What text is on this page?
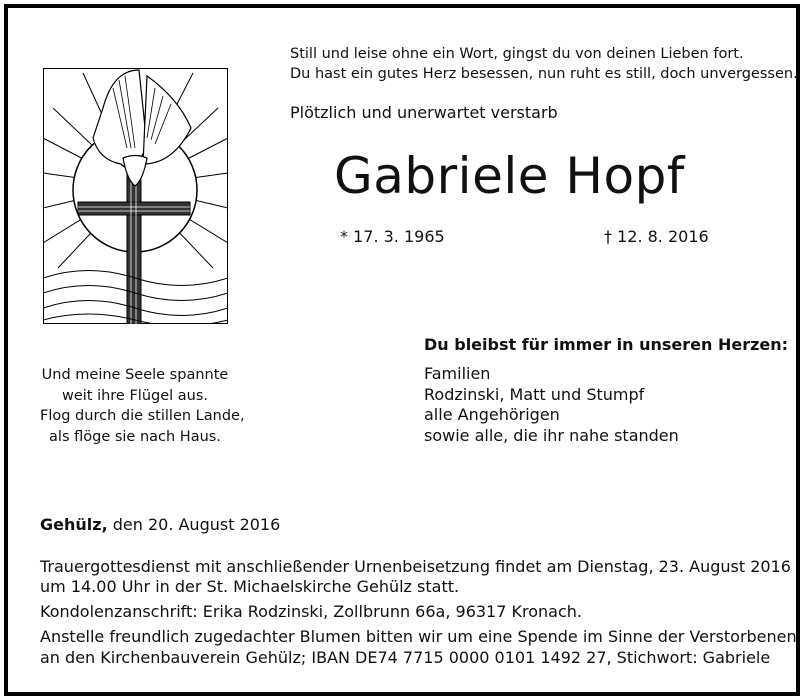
Still und leise ohne ein Wort, gingst du von deinen Lieben fort.
Du hast ein gutes Herz besessen, nun ruht es still, doch unvergessen.
Plötzlich und unerwartet verstarb
Gabriele Hopf
* 17. 3. 1965	† 12. 8. 2016
Und meine Seele spannte
weit ihre Flügel aus.
Flog durch die stillen Lande,
als flöge sie nach Haus.
Du bleibst für immer in unseren Herzen:
Familien
Rodzinski, Matt und Stumpf
alle Angehörigen
sowie alle, die ihr nahe standen
Gehülz, den 20. August 2016
Trauergottesdienst mit anschließender Urnenbeisetzung findet am Dienstag, 23. August 2016
um 14.00 Uhr in der St. Michaelskirche Gehülz statt.
Kondolenzanschrift: Erika Rodzinski, Zollbrunn 66a, 96317 Kronach.
Anstelle freundlich zugedachter Blumen bitten wir um eine Spende im Sinne der Verstorbenen
an den Kirchenbauverein Gehülz; IBAN DE74 7715 0000 0101 1492 27, Stichwort: Gabriele
